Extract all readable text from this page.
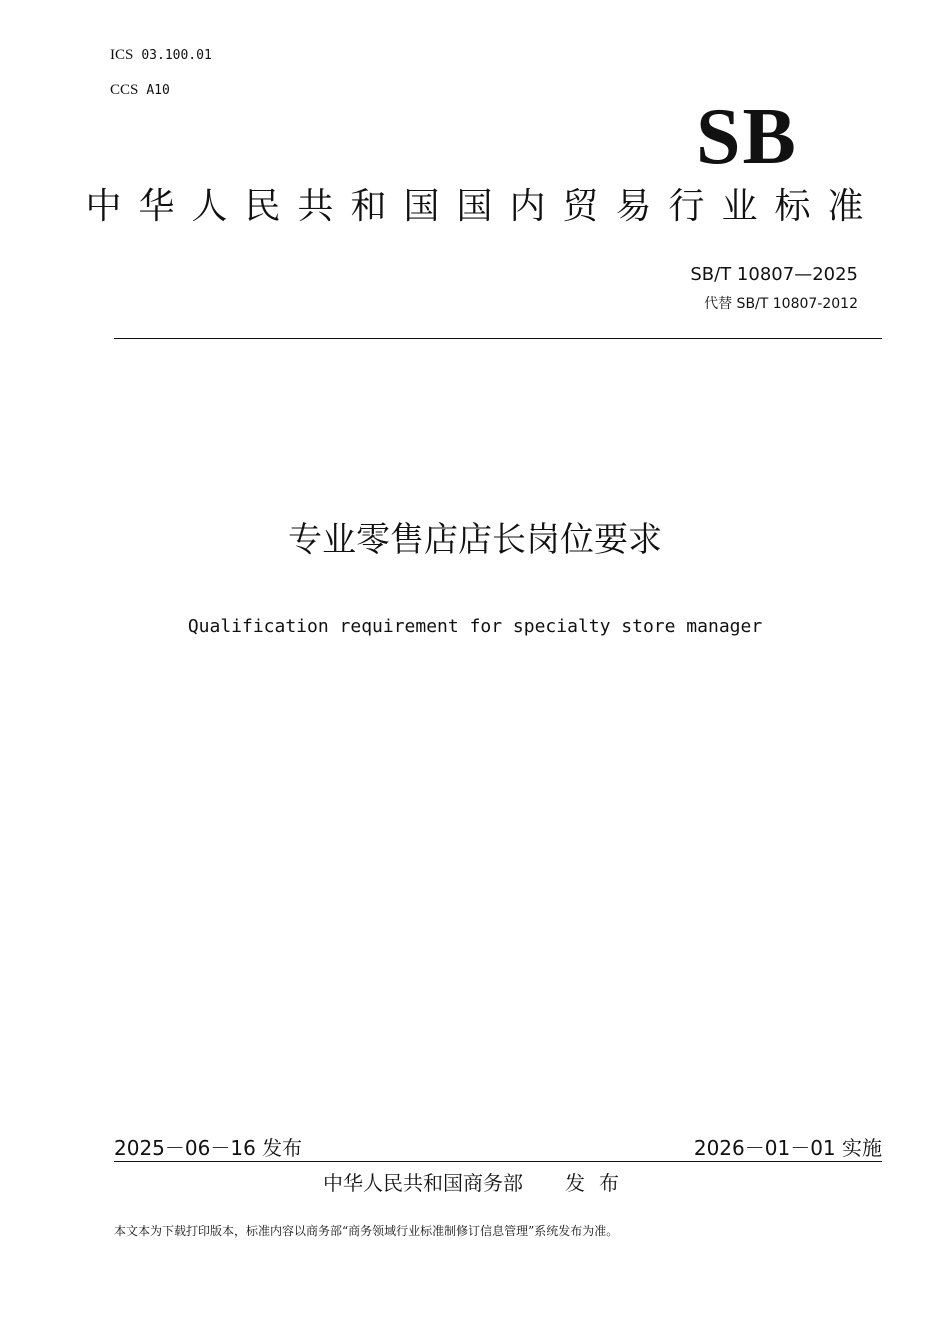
ICS 03.100.01
CCS A10
SB
中华人民共和国国内贸易行业标准
SB/T 10807—2025
代替 SB/T 10807-2012
专业零售店店长岗位要求
Qualification requirement for specialty store manager
2025－06－16 发布	2026－01－01 实施
中华人民共和国商务部 发布
本文本为下载打印版本，标准内容以商务部“商务领域行业标准制修订信息管理”系统发布为准。
